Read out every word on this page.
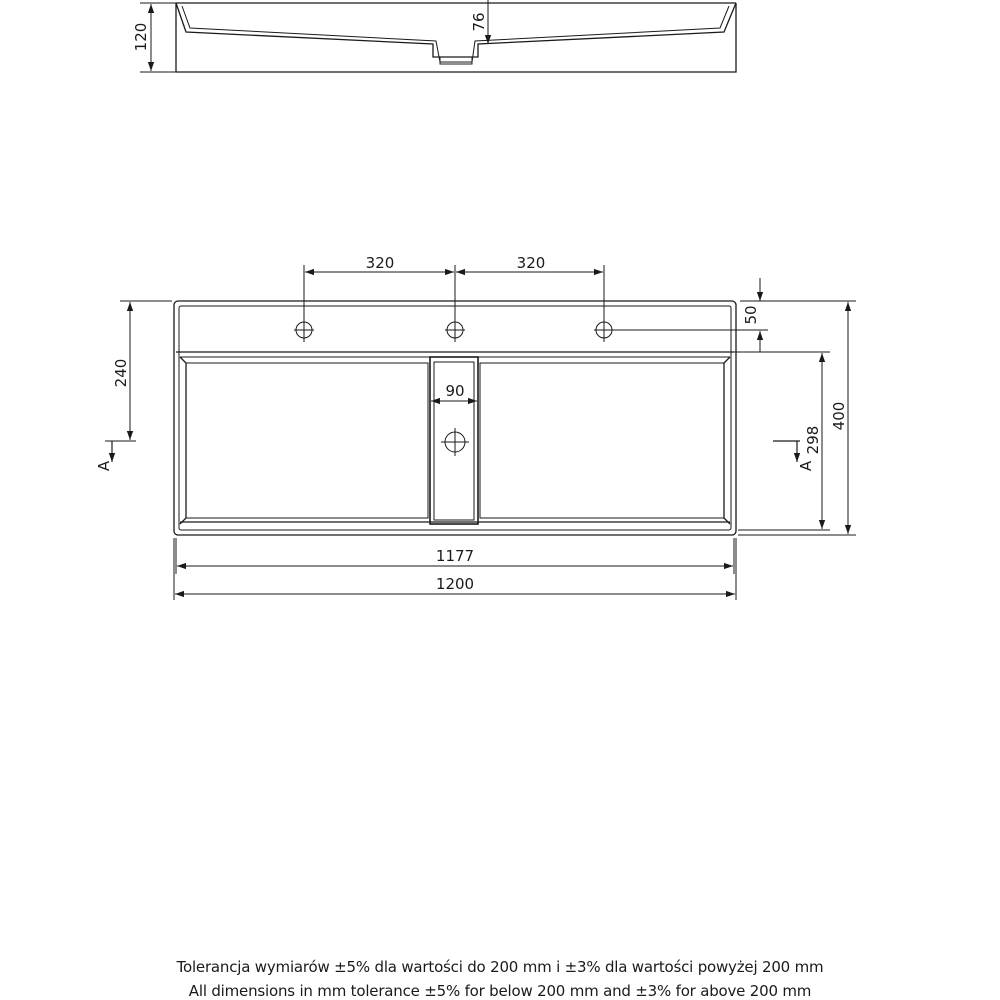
120
76
320	320
50
90
240
A	A
298
400
1177
1200
Tolerancja wymiarów ±5% dla wartości do 200 mm i ±3% dla wartości powyżej 200 mm
All dimensions in mm tolerance ±5% for below 200 mm and ±3% for above 200 mm
